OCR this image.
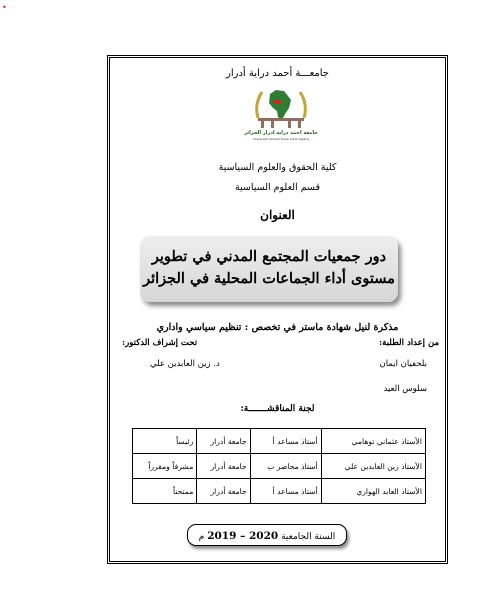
•
جامعـــة أحمد دراية أدرار
جامعة احمد دراية ادرار الجزائر
Université Ahmed Draia Adrar-Algérie
كلية الحقوق والعلوم السياسية
قسم العلوم السياسية
العنوان
دور جمعيات المجتمع المدني في تطوير
مستوى أداء الجماعات المحلية في الجزائر
مذكرة لنيل شهادة ماستر في تخصص : تنظيم سياسي واداري
من إعداد الطلبة:
تحت إشراف الدكتور:
بلحفيان ايمان
د. زين العابدين علي
سلوس العيد
لجنة المناقشـــــــة:
الأستاذ عثماني توهامي	أستاذ مساعد أ	جامعة أدرار	رئيساً
الأستاذ زين العابدين علي	أستاذ محاضر ب	جامعة أدرار	مشرفاً ومقرراً
الأستاذ العابد الهواري	أستاذ مساعد أ	جامعة أدرار	ممتحناً
السنة الجامعية 2019 – 2020 م
